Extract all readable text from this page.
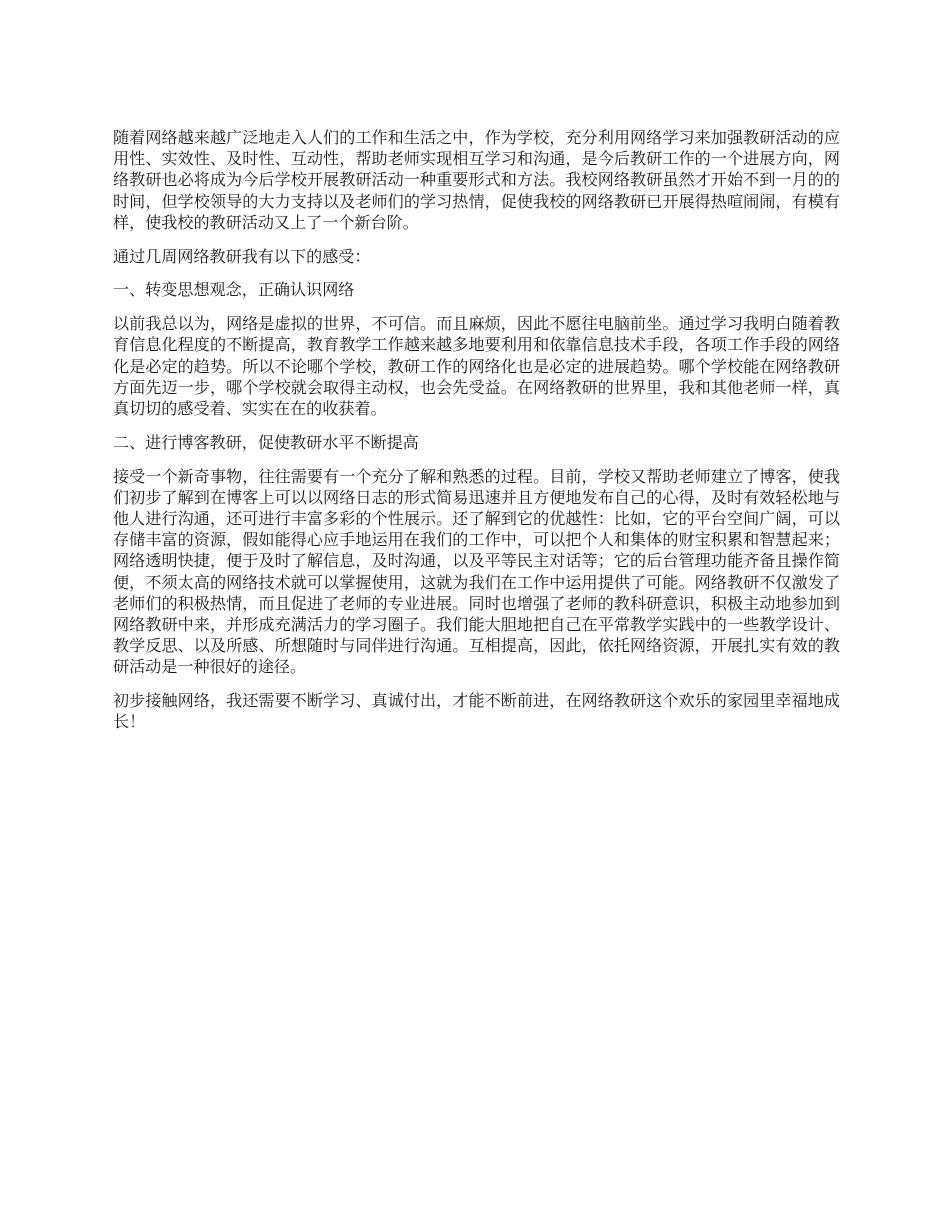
随着网络越来越广泛地走入人们的工作和生活之中，作为学校，充分利用网络学习来加强教研活动的应用性、实效性、及时性、互动性，帮助老师实现相互学习和沟通，是今后教研工作的一个进展方向，网络教研也必将成为今后学校开展教研活动一种重要形式和方法。我校网络教研虽然才开始不到一月的的时间，但学校领导的大力支持以及老师们的学习热情，促使我校的网络教研已开展得热喧闹闹，有模有样，使我校的教研活动又上了一个新台阶。

通过几周网络教研我有以下的感受：

一、转变思想观念，正确认识网络

以前我总以为，网络是虚拟的世界，不可信。而且麻烦，因此不愿往电脑前坐。通过学习我明白随着教育信息化程度的不断提高，教育教学工作越来越多地要利用和依靠信息技术手段，各项工作手段的网络化是必定的趋势。所以不论哪个学校，教研工作的网络化也是必定的进展趋势。哪个学校能在网络教研方面先迈一步，哪个学校就会取得主动权，也会先受益。在网络教研的世界里，我和其他老师一样，真真切切的感受着、实实在在的收获着。

二、进行博客教研，促使教研水平不断提高

接受一个新奇事物，往往需要有一个充分了解和熟悉的过程。目前，学校又帮助老师建立了博客，使我们初步了解到在博客上可以以网络日志的形式简易迅速并且方便地发布自己的心得，及时有效轻松地与他人进行沟通，还可进行丰富多彩的个性展示。还了解到它的优越性：比如，它的平台空间广阔，可以存储丰富的资源，假如能得心应手地运用在我们的工作中，可以把个人和集体的财宝积累和智慧起来；网络透明快捷，便于及时了解信息，及时沟通，以及平等民主对话等；它的后台管理功能齐备且操作简便，不须太高的网络技术就可以掌握使用，这就为我们在工作中运用提供了可能。网络教研不仅激发了老师们的积极热情，而且促进了老师的专业进展。同时也增强了老师的教科研意识，积极主动地参加到网络教研中来，并形成充满活力的学习圈子。我们能大胆地把自己在平常教学实践中的一些教学设计、教学反思、以及所感、所想随时与同伴进行沟通。互相提高，因此，依托网络资源，开展扎实有效的教研活动是一种很好的途径。

初步接触网络，我还需要不断学习、真诚付出，才能不断前进，在网络教研这个欢乐的家园里幸福地成长！
